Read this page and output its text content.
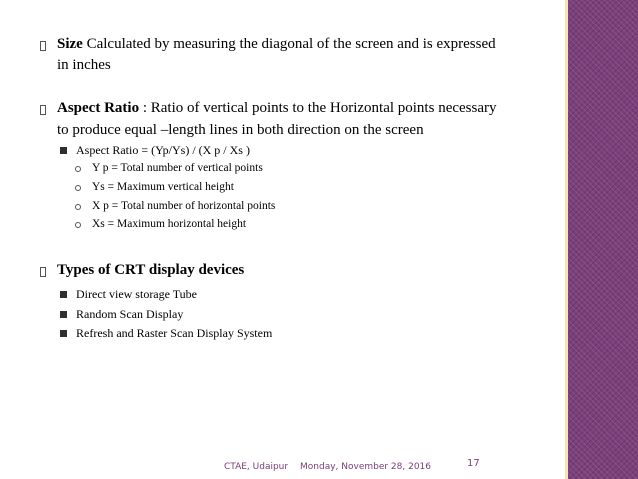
Size Calculated by measuring the diagonal of the screen and is expressed
in inches
Aspect Ratio : Ratio of vertical points to the Horizontal points necessary
to produce equal –length lines in both direction on the screen
Aspect Ratio = (Yp/Ys) / (X p / Xs )
Y p = Total number of vertical points
Ys = Maximum vertical height
X p = Total number of horizontal points
Xs = Maximum horizontal height
Types of CRT display devices
Direct view storage Tube
Random Scan Display
Refresh and Raster Scan Display System
CTAE, Udaipur Monday, November 28, 2016	17
